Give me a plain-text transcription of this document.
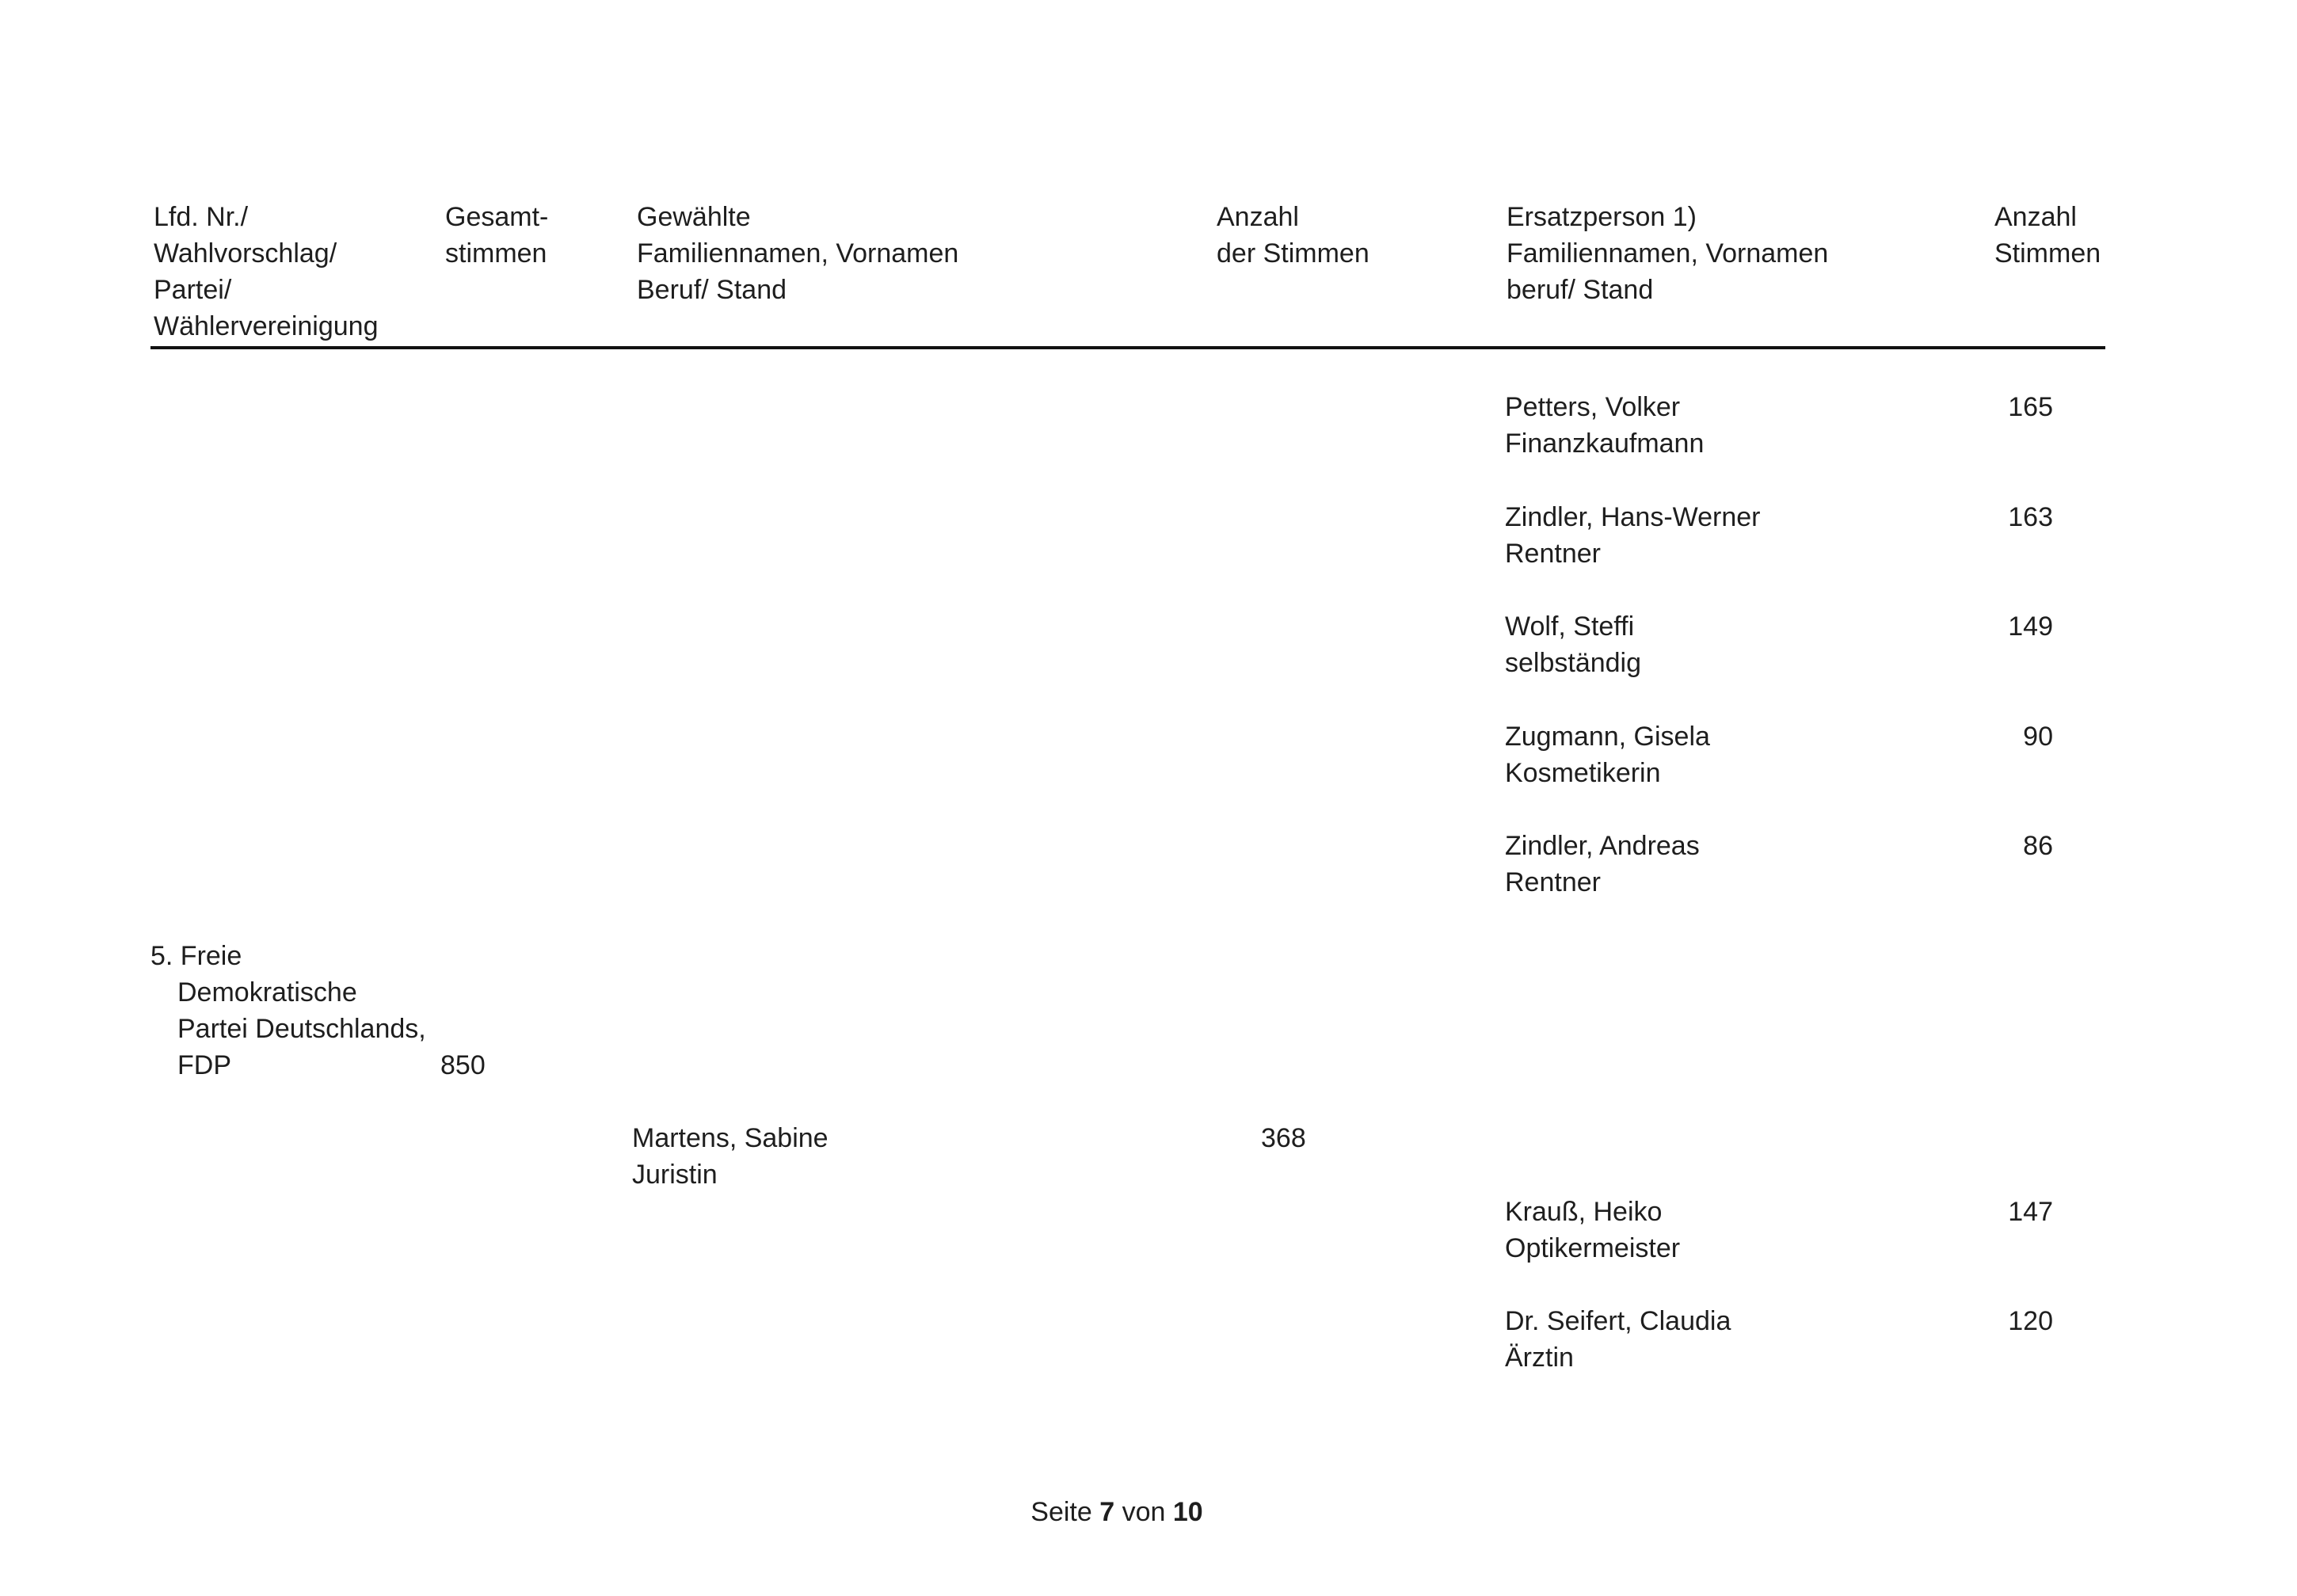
Lfd. Nr./
Wahlvorschlag/
Partei/
Wählervereinigung
Gesamt-
stimmen
Gewählte
Familiennamen, Vornamen
Beruf/ Stand
Anzahl
der Stimmen
Ersatzperson 1)
Familiennamen, Vornamen
beruf/ Stand
Anzahl
Stimmen
Petters, Volker
Finanzkaufmann
165
Zindler, Hans-Werner
Rentner
163
Wolf, Steffi
selbständig
149
Zugmann, Gisela
Kosmetikerin
90
Zindler, Andreas
Rentner
86
5. Freie
Demokratische
Partei Deutschlands,
FDP	850
Martens, Sabine
Juristin
368
Krauß, Heiko
Optikermeister
147
Dr. Seifert, Claudia
Ärztin
120
Seite 7 von 10
